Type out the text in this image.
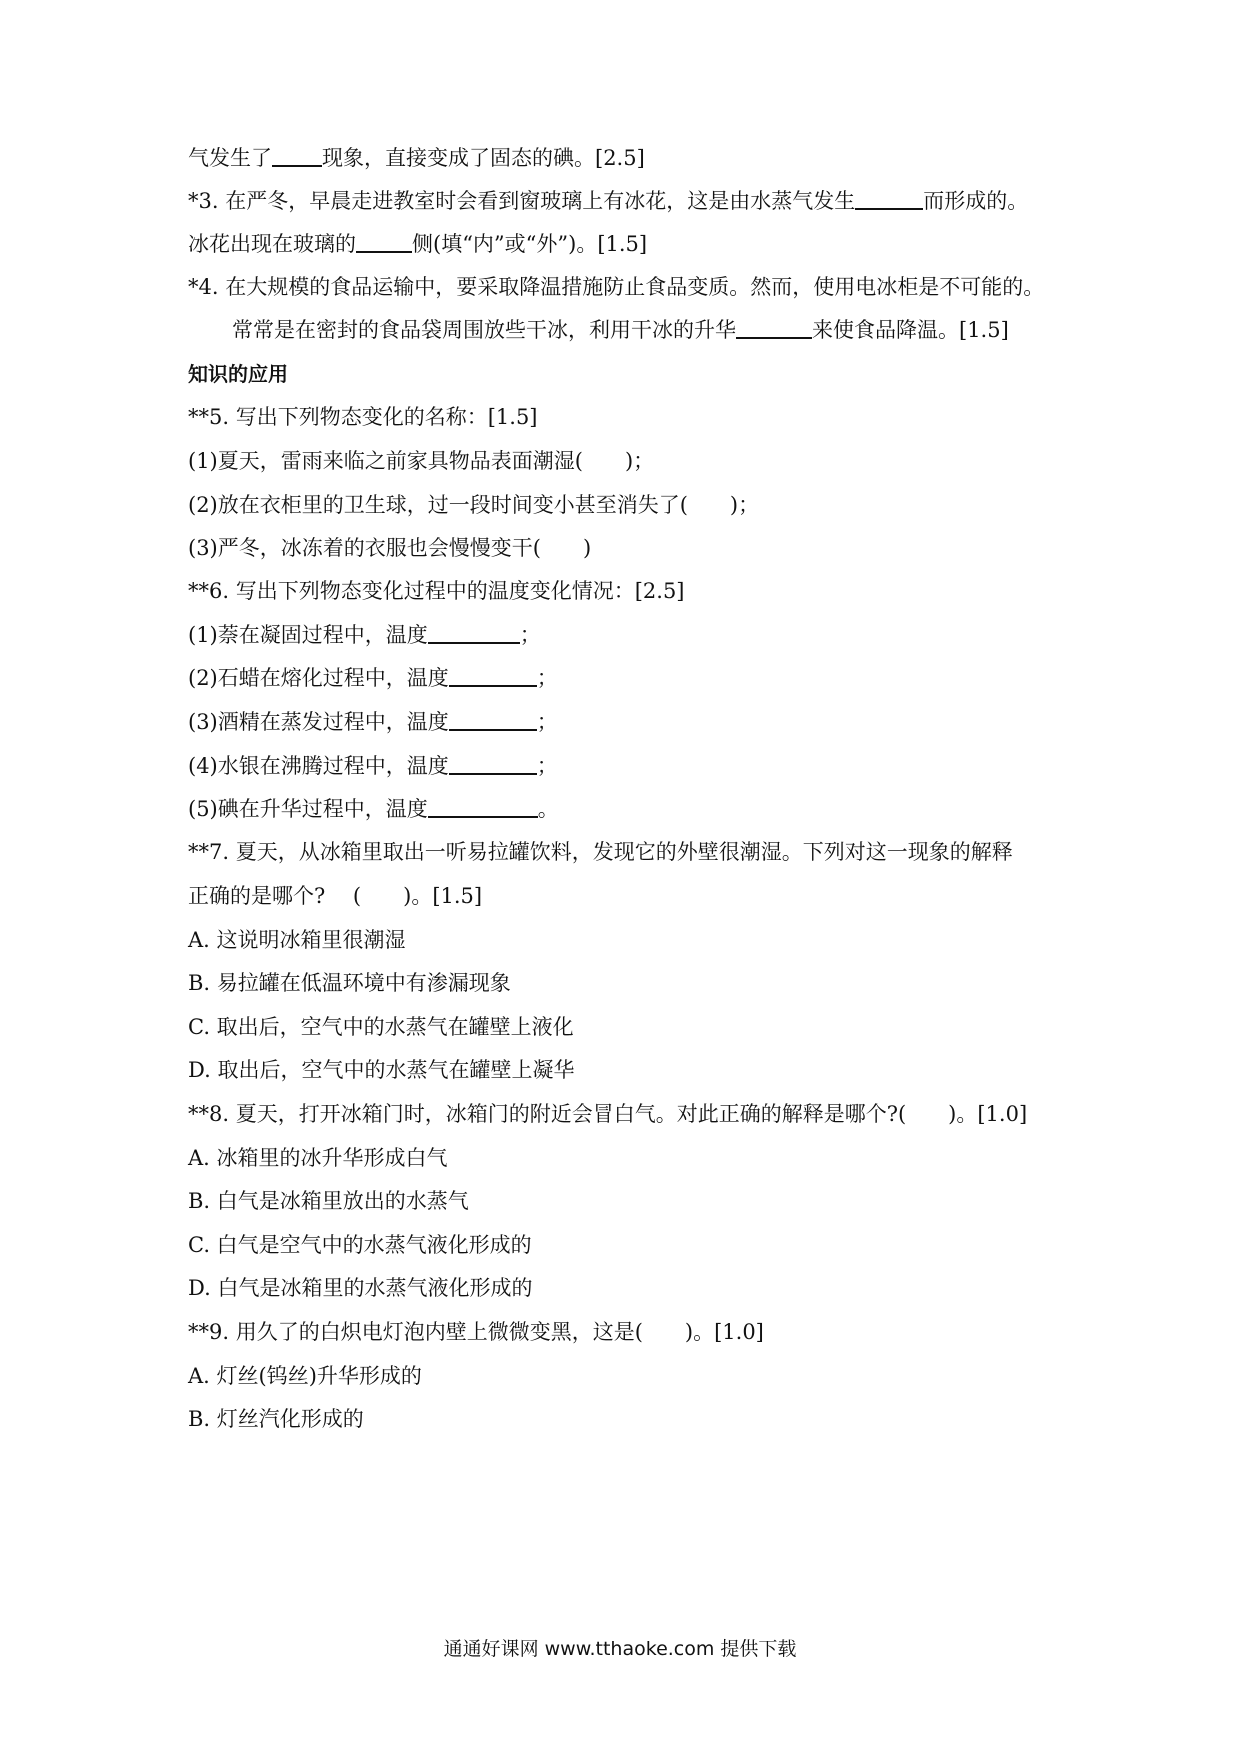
气发生了 现象，直接变成了固态的碘。[2.5]
*3. 在严冬，早晨走进教室时会看到窗玻璃上有冰花，这是由水蒸气发生	而形成的。
冰花出现在玻璃的	侧(填“内”或“外”)。[1.5]
*4. 在大规模的食品运输中，要采取降温措施防止食品变质。然而，使用电冰柜是不可能的。
常常是在密封的食品袋周围放些干冰，利用干冰的升华	来使食品降温。[1.5]
知识的应用
**5. 写出下列物态变化的名称：[1.5]
(1)夏天，雷雨来临之前家具物品表面潮湿(　　)；
(2)放在衣柜里的卫生球，过一段时间变小甚至消失了(　　)；
(3)严冬，冰冻着的衣服也会慢慢变干(　　)
**6. 写出下列物态变化过程中的温度变化情况：[2.5]
(1)萘在凝固过程中，温度	；
(2)石蜡在熔化过程中，温度	；
(3)酒精在蒸发过程中，温度	；
(4)水银在沸腾过程中，温度	；
(5)碘在升华过程中，温度	。
**7. 夏天，从冰箱里取出一听易拉罐饮料，发现它的外壁很潮湿。下列对这一现象的解释
正确的是哪个?　 (　　)。[1.5]
A. 这说明冰箱里很潮湿
B. 易拉罐在低温环境中有渗漏现象
C. 取出后，空气中的水蒸气在罐壁上液化
D. 取出后，空气中的水蒸气在罐壁上凝华
**8. 夏天，打开冰箱门时，冰箱门的附近会冒白气。对此正确的解释是哪个?(　　)。[1.0]
A. 冰箱里的冰升华形成白气
B. 白气是冰箱里放出的水蒸气
C. 白气是空气中的水蒸气液化形成的
D. 白气是冰箱里的水蒸气液化形成的
**9. 用久了的白炽电灯泡内壁上微微变黑，这是(　　)。[1.0]
A. 灯丝(钨丝)升华形成的
B. 灯丝汽化形成的
通通好课网 www.tthaoke.com 提供下载
